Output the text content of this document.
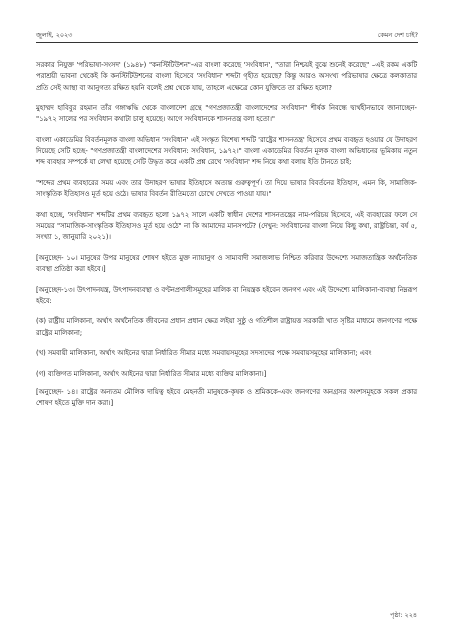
জুলাই, ২০২৩	কেমন দেশ চাই?

সরকার নিযুক্ত 'পরিভাষা-সংসদ' (১৯৪৮) "কনস্টিটিউশন"-এর বাংলা করেছে 'সংবিধান', "তারা নিশ্চয়ই বুঝে শুনেই করেছে" –এই রকম একটি পরাশ্রয়ী ভাবনা থেকেই কি কনস্টিটিউশনের বাংলা হিসেবে 'সংবিধান' শব্দটা গৃহীত হয়েছে? কিন্তু আরও অসংখ্য পরিভাষার ক্ষেত্রে কলকাতার প্রতি সেই আস্থা বা আনুগত্য রক্ষিত হয়নি বলেই প্রশ্ন থেকে যায়, তাহলে এক্ষেত্রে কোন যুক্তিতে তা রক্ষিত হলো?

মুহাম্মদ হাবিবুর রহমান তাঁর গঙ্গাঋদ্ধি থেকে বাংলাদেশ গ্রন্থে "গণপ্রজাতন্ত্রী বাংলাদেশের সংবিধান" শীর্ষক নিবন্ধে দ্ব্যর্থহীনভাবে জানাচ্ছেন- "১৯৭২ সালের পর সংবিধান কথাটা চালু হয়েছে। আগে সংবিধানকে শাসনতন্ত্র বলা হতো।"

বাংলা একাডেমির বিবর্তনমূলক বাংলা অভিধান 'সংবিধান' এই সংস্কৃত বিশেষ্য শব্দটি 'রাষ্ট্রের শাসনতন্ত্র' হিসেবে প্রথম ব্যবহৃত হওয়ার যে উদাহরণ দিয়েছে সেটি হচ্ছে- "গণপ্রজাতন্ত্রী বাংলাদেশের সংবিধান: সংবিধান, ১৯৭২।" বাংলা একাডেমির বিবর্তন মূলক বাংলা অভিধানের ভূমিকায় নতুন শব্দ ব্যবহার সম্পর্কে যা লেখা হয়েছে সেটি উদ্ধৃত করে একটি প্রশ্ন রেখে 'সংবিধান' শব্দ নিয়ে কথা বলায় ইতি টানতে চাই:

"শব্দের প্রথম ব্যবহারের সময় এবং তার উদাহরণ ভাষার ইতিহাসে অত্যন্ত গুরুত্বপূর্ণ। তা দিয়ে ভাষার বিবর্তনের ইতিহাস, এমন কি, সামাজিক-সাংস্কৃতিক ইতিহাসও মূর্ত হয়ে ওঠে। ভাষার বিবর্তন রীতিমতো চোখে দেখতে পাওয়া যায়।"

কথা হচ্ছে, 'সংবিধান' শব্দটির প্রথম ব্যবহৃত হলো ১৯৭২ সালে একটি স্বাধীন দেশের শাসনতন্ত্রের নাম-পরিচয় হিসেবে, এই ব্যবহারের ফলে সে সময়ের "সামাজিক-সাংস্কৃতিক ইতিহাসও মূর্ত হয়ে ওঠে" না কি আমাদের মানসপটে? (দেখুন: সংবিধানের বাংলা নিয়ে কিছু কথা, রাষ্ট্রচিন্তা, বর্ষ ৫, সংখ্যা ১, জানুয়ারি ২০২১)।

[অনুচ্ছেদ- ১০। মানুষের উপর মানুষের শোষণ হইতে মুক্ত ন্যায়ানুগ ও সাম্যবাদী সমাজলাভ নিশ্চিত করিবার উদ্দেশ্যে সমাজতান্ত্রিক অর্থনৈতিক ব্যবস্থা প্রতিষ্ঠা করা হইবে।]

[অনুচ্ছেদ-১৩। উৎপাদনযন্ত্র, উৎপাদনব্যবস্থা ও বণ্টনপ্রণালীসমূহের মালিক বা নিয়ন্ত্রক হইবেন জনগণ এবং এই উদ্দেশ্যে মালিকানা-ব্যবস্থা নিম্নরূপ হইবে:

(ক) রাষ্ট্রীয় মালিকানা, অর্থাৎ অর্থনৈতিক জীবনের প্রধান প্রধান ক্ষেত্র লইয়া সুষ্ঠু ও গতিশীল রাষ্ট্রায়ত্ত সরকারী খাত সৃষ্টির মাধ্যমে জনগণের পক্ষে রাষ্ট্রের মালিকানা;

(খ) সমবায়ী মালিকানা, অর্থাৎ আইনের দ্বারা নির্ধারিত সীমার মধ্যে সমবায়সমূহের সদস্যদের পক্ষে সমবায়সমূহের মালিকানা; এবং

(গ) ব্যক্তিগত মালিকানা, অর্থাৎ আইনের দ্বারা নির্ধারিত সীমার মধ্যে ব্যক্তির মালিকানা।]

[অনুচ্ছেদ- ১৪। রাষ্ট্রের অন্যতম মৌলিক দায়িত্ব হইবে মেহনতী মানুষকে-কৃষক ও শ্রমিককে-এবং জনগণের অনগ্রসর অংশসমূহকে সকল প্রকার শোষণ হইতে মুক্তি দান করা।]

পৃষ্ঠা: ২২৪
